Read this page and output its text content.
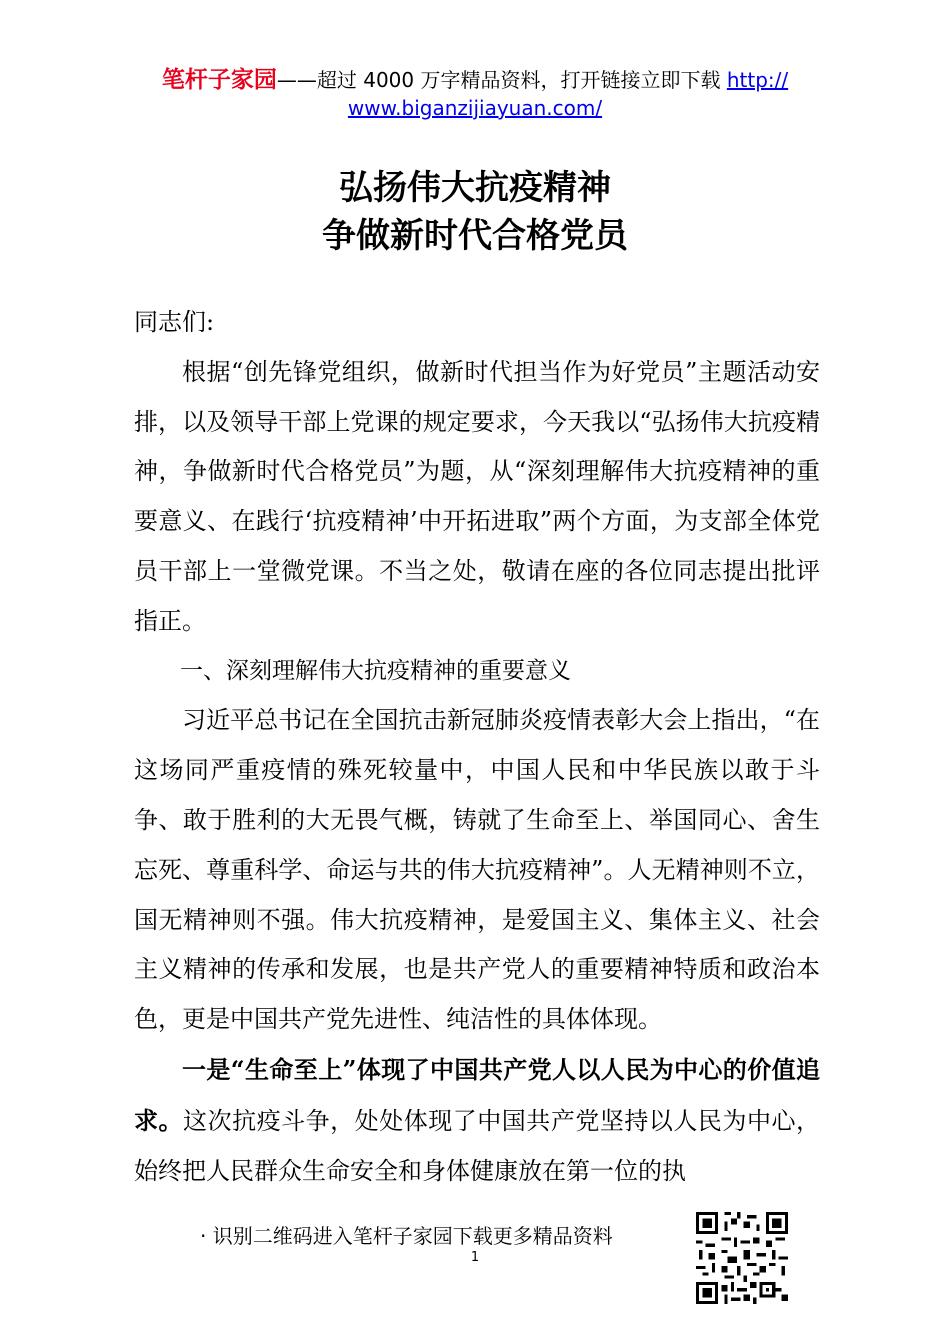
笔杆子家园——超过 4000 万字精品资料，打开链接立即下载 http://
www.biganzijiayuan.com/
弘扬伟大抗疫精神
争做新时代合格党员

同志们:

根据“创先锋党组织，做新时代担当作为好党员”主题活动安排，以及领导干部上党课的规定要求，今天我以“弘扬伟大抗疫精神，争做新时代合格党员”为题，从“深刻理解伟大抗疫精神的重要意义、在践行‘抗疫精神’中开拓进取”两个方面，为支部全体党员干部上一堂微党课。不当之处，敬请在座的各位同志提出批评指正。

一、深刻理解伟大抗疫精神的重要意义

习近平总书记在全国抗击新冠肺炎疫情表彰大会上指出，“在这场同严重疫情的殊死较量中，中国人民和中华民族以敢于斗争、敢于胜利的大无畏气概，铸就了生命至上、举国同心、舍生忘死、尊重科学、命运与共的伟大抗疫精神”。人无精神则不立，国无精神则不强。伟大抗疫精神，是爱国主义、集体主义、社会主义精神的传承和发展，也是共产党人的重要精神特质和政治本色，更是中国共产党先进性、纯洁性的具体体现。

一是“生命至上”体现了中国共产党人以人民为中心的价值追求。这次抗疫斗争，处处体现了中国共产党坚持以人民为中心，始终把人民群众生命安全和身体健康放在第一位的执

· 识别二维码进入笔杆子家园下载更多精品资料
1
